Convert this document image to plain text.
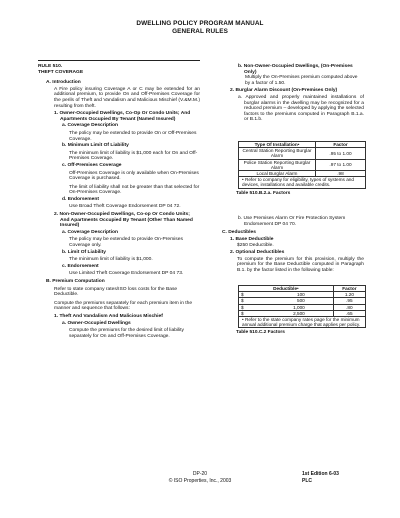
DWELLING POLICY PROGRAM MANUAL
GENERAL RULES

RULE 510.

THEFT COVERAGE

A. Introduction

A Fire policy insuring Coverage A or C may be extended for an additional premium, to provide On and Off-Premises Coverage for the perils of Theft and Vandalism and Malicious Mischief (V.&M.M.) resulting from theft.

1. Owner-Occupied Dwellings, Co-Op Or Condo Units; And Apartments Occupied By Tenant (Named Insured)

a. Coverage Description

The policy may be extended to provide On or Off-Premises Coverage.

b. Minimum Limit Of Liability

The minimum limit of liability is $1,000 each for On and Off-Premises Coverage.

c. Off-Premises Coverage

Off-Premises Coverage is only available when On-Premises Coverage is purchased.

The limit of liability shall not be greater than that selected for On-Premises Coverage.

d. Endorsement

Use Broad Theft Coverage Endorsement DP 04 72.

2. Non-Owner-Occupied Dwellings, Co-op Or Condo Units; And Apartments Occupied By Tenant (Other Than Named Insured)

a. Coverage Description

The policy may be extended to provide On-Premises Coverage only.

b. Limit Of Liability

The minimum limit of liability is $1,000.

c. Endorsement

Use Limited Theft Coverage Endorsement DP 04 73.

B. Premium Computation

Refer to state company rates/ISO loss costs for the Base Deductible.

Compute the premiums separately for each premium item in the manner and sequence that follows:

1. Theft And Vandalism And Malicious Mischief

a. Owner-Occupied Dwellings

Compute the premiums for the desired limit of liability separately for On and Off-Premises Coverage.

b. Non-Owner-Occupied Dwellings, (On-Premises Only)

Multiply the On-Premises premium computed above by a factor of 1.50.

2. Burglar Alarm Discount (On-Premises Only)

a. Approved and properly maintained installations of burglar alarms in the dwelling may be recognized for a reduced premium – developed by applying the selected factors to the premiums computed in Paragraph B.1.a. or B.1.b.

Type Of Installation•	Factor
Central Station Reporting Burglar Alarm	.95 to 1.00
Police Station Reporting Burglar Alarm	.97 to 1.00
Local Burglar Alarm	.98
• Refer to company for eligibility, types of systems and devices, installations and available credits.	
Table 510.B.2.a. Factors

b. Use Premises Alarm Or Fire Protection System Endorsement DP 04 70.

C. Deductibles

1. Base Deductible

$250 Deductible.

2. Optional Deductibles

To compute the premium for this provision, multiply the premium for the Base Deductible computed in Paragraph B.1. by the factor listed in the following table:

Deductible•		Factor
$	100	1.20
$	500	.95
$	1,000	.80
$	2,500	.65
• Refer to the state company rates page for the minimum annual additional premium charge that applies per policy.		
Table 510.C.2 Factors
DP-20
© ISO Properties, Inc., 2003
1st Edition 6-03
PLC
